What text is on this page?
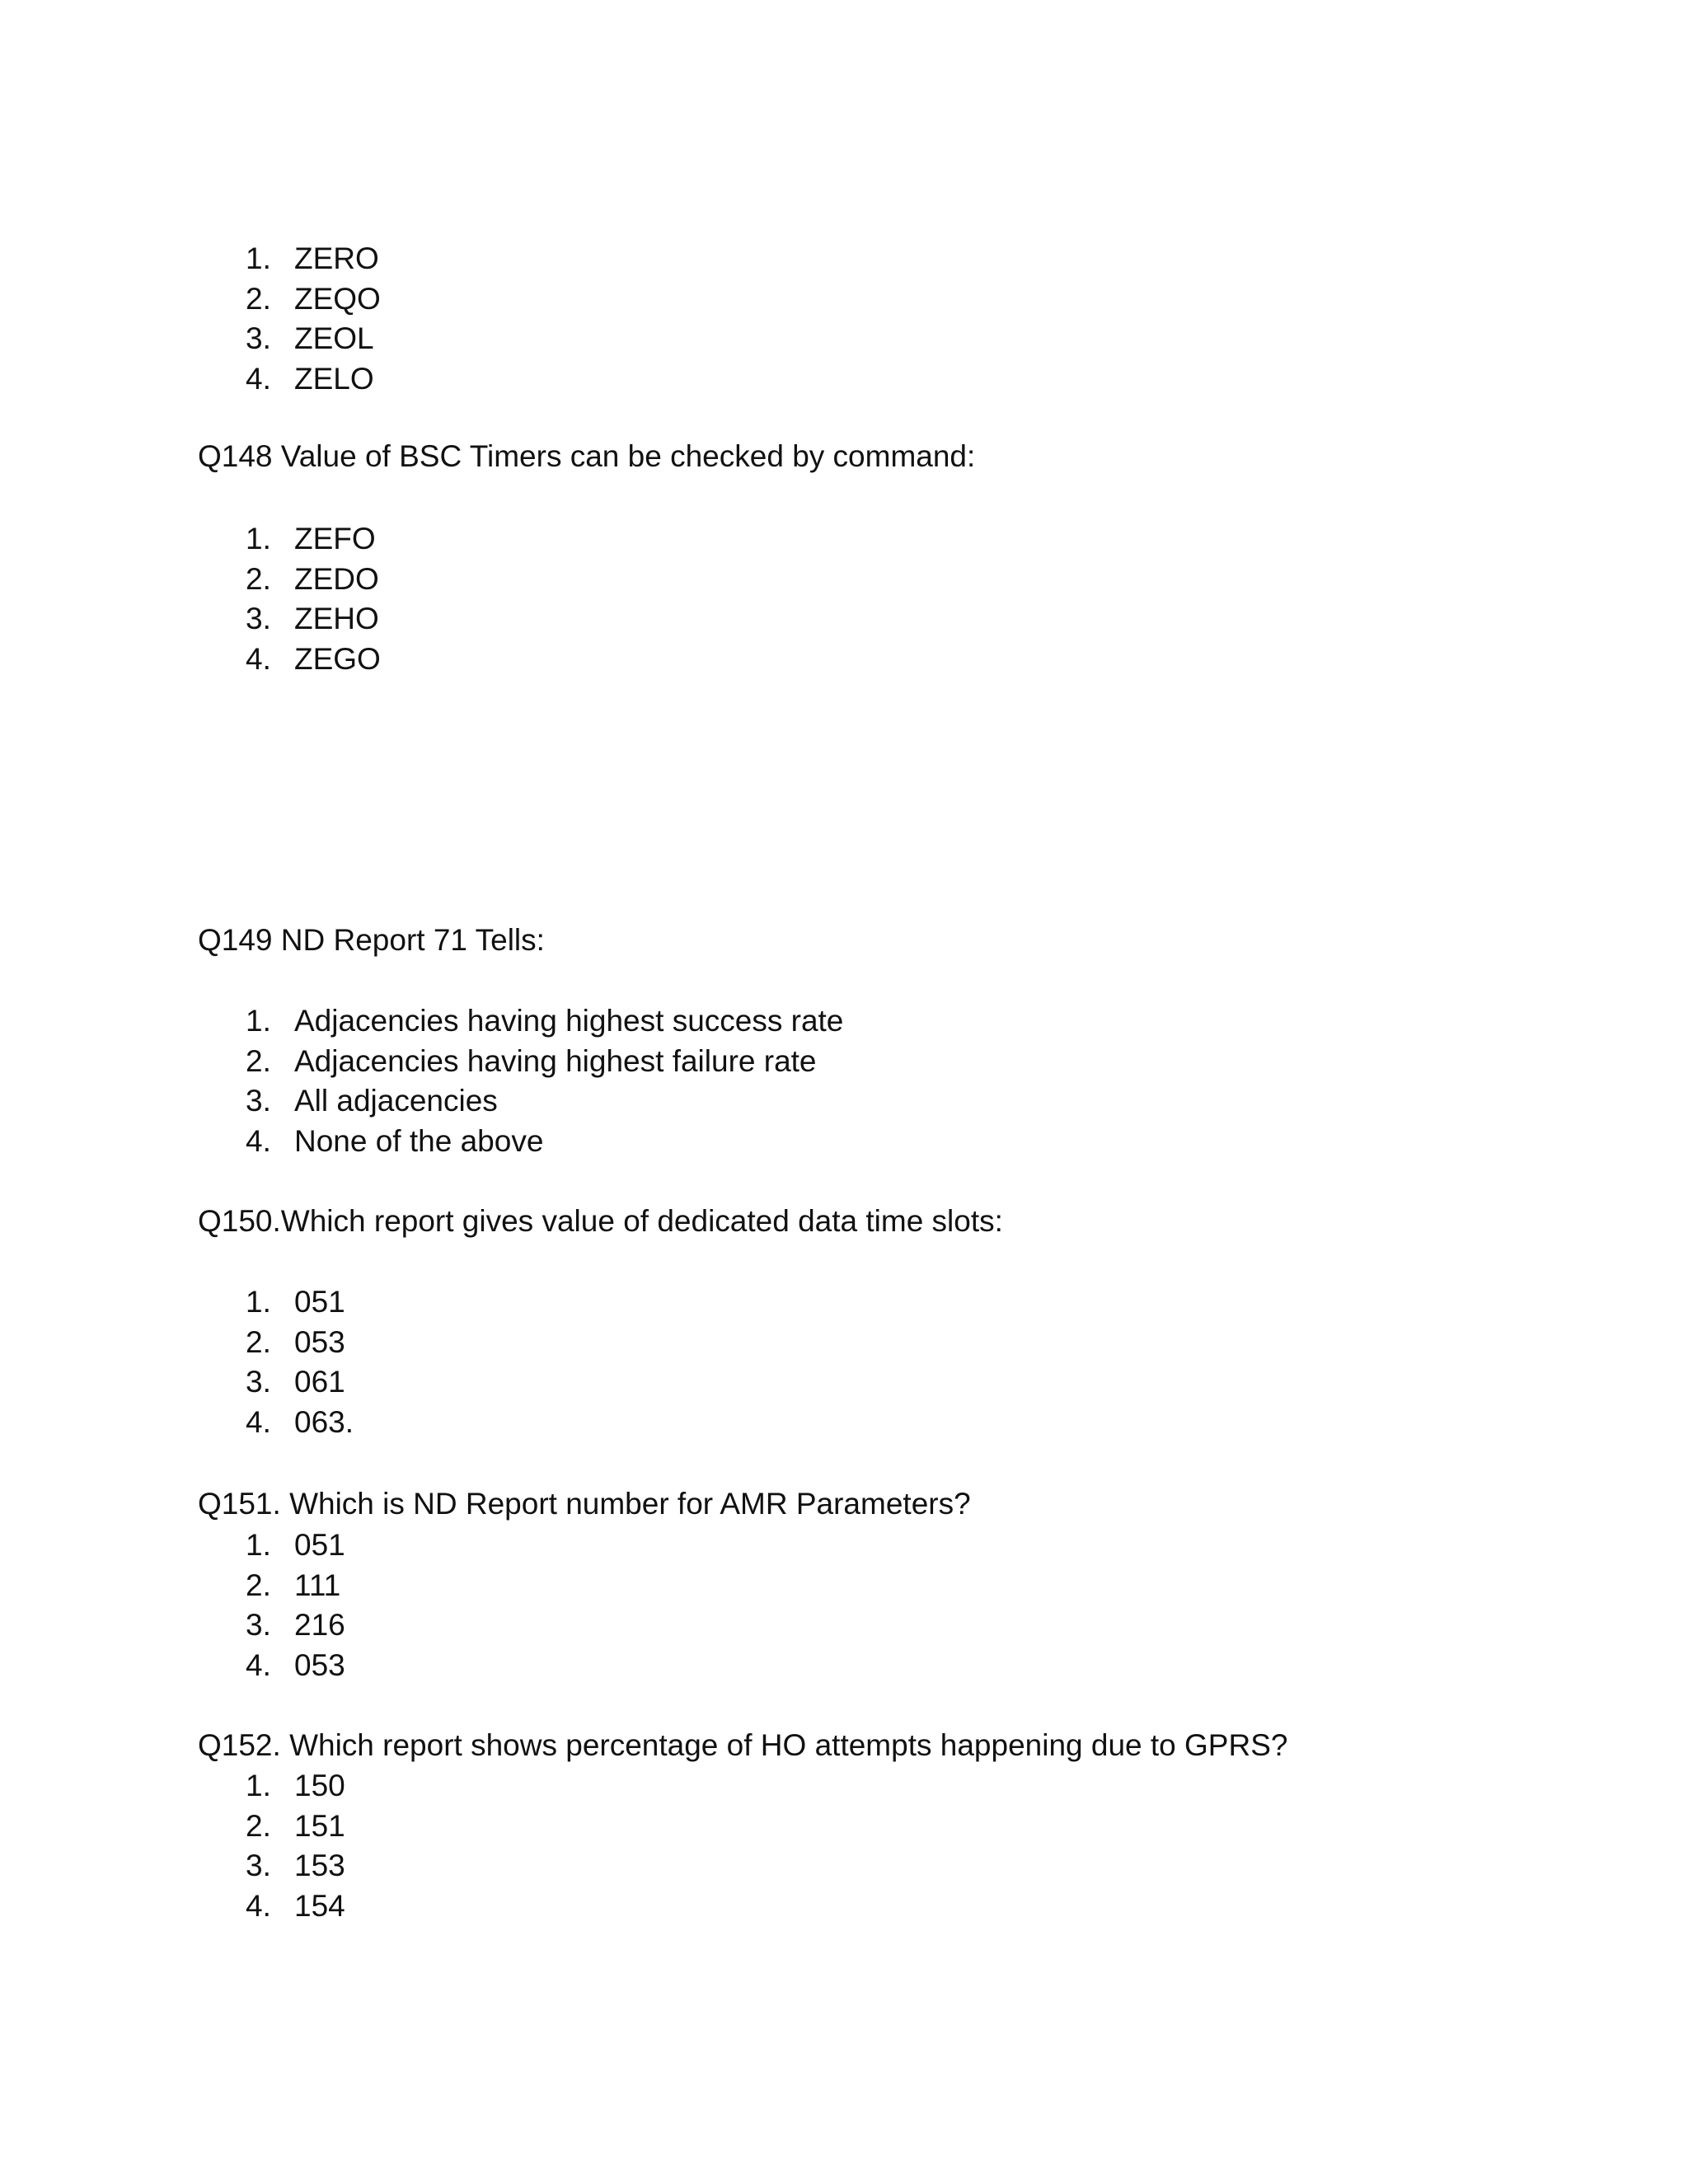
1. ZERO
2. ZEQO
3. ZEOL
4. ZELO
Q148 Value of BSC Timers can be checked by command:
1. ZEFO
2. ZEDO
3. ZEHO
4. ZEGO
Q149 ND Report 71 Tells:
1. Adjacencies having highest success rate
2. Adjacencies having highest failure rate
3. All adjacencies
4. None of the above
Q150.Which report gives value of dedicated data time slots:
1. 051
2. 053
3. 061
4. 063.
Q151. Which is ND Report number for AMR Parameters?
1. 051
2. 111
3. 216
4. 053
Q152. Which report shows percentage of HO attempts happening due to GPRS?
1. 150
2. 151
3. 153
4. 154
